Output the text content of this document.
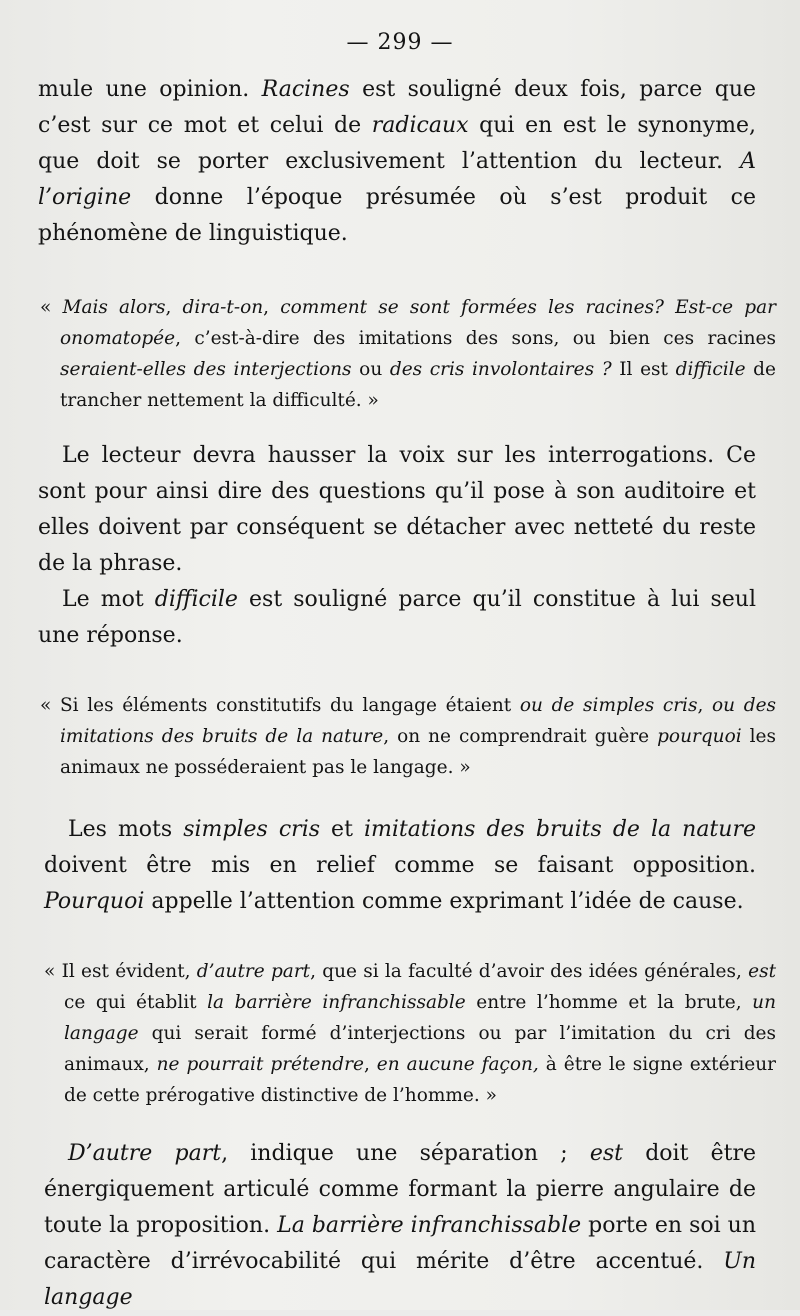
— 299 —

mule une opinion. Racines est souligné deux fois, parce que c’est sur ce mot et celui de radicaux qui en est le synonyme, que doit se porter exclusivement l’attention du lecteur. A l’origine donne l’époque présumée où s’est produit ce phénomène de linguistique.

« Mais alors, dira-t-on, comment se sont formées les racines? Est-ce par onomatopée, c’est-à-dire des imitations des sons, ou bien ces racines seraient-elles des interjections ou des cris involontaires ? Il est difficile de trancher nettement la difficulté. »

Le lecteur devra hausser la voix sur les interrogations. Ce sont pour ainsi dire des questions qu’il pose à son auditoire et elles doivent par conséquent se détacher avec netteté du reste de la phrase.

Le mot difficile est souligné parce qu’il constitue à lui seul une réponse.

« Si les éléments constitutifs du langage étaient ou de simples cris, ou des imitations des bruits de la nature, on ne comprendrait guère pourquoi les animaux ne posséderaient pas le langage. »

Les mots simples cris et imitations des bruits de la nature doivent être mis en relief comme se faisant opposition. Pourquoi appelle l’attention comme exprimant l’idée de cause.

« Il est évident, d’autre part, que si la faculté d’avoir des idées générales, est ce qui établit la barrière infranchissable entre l’homme et la brute, un langage qui serait formé d’interjections ou par l’imitation du cri des animaux, ne pourrait prétendre, en aucune façon, à être le signe extérieur de cette prérogative distinctive de l’homme. »

D’autre part, indique une séparation ; est doit être énergiquement articulé comme formant la pierre angulaire de toute la proposition. La barrière infranchissable porte en soi un caractère d’irrévocabilité qui mérite d’être accentué. Un langage
